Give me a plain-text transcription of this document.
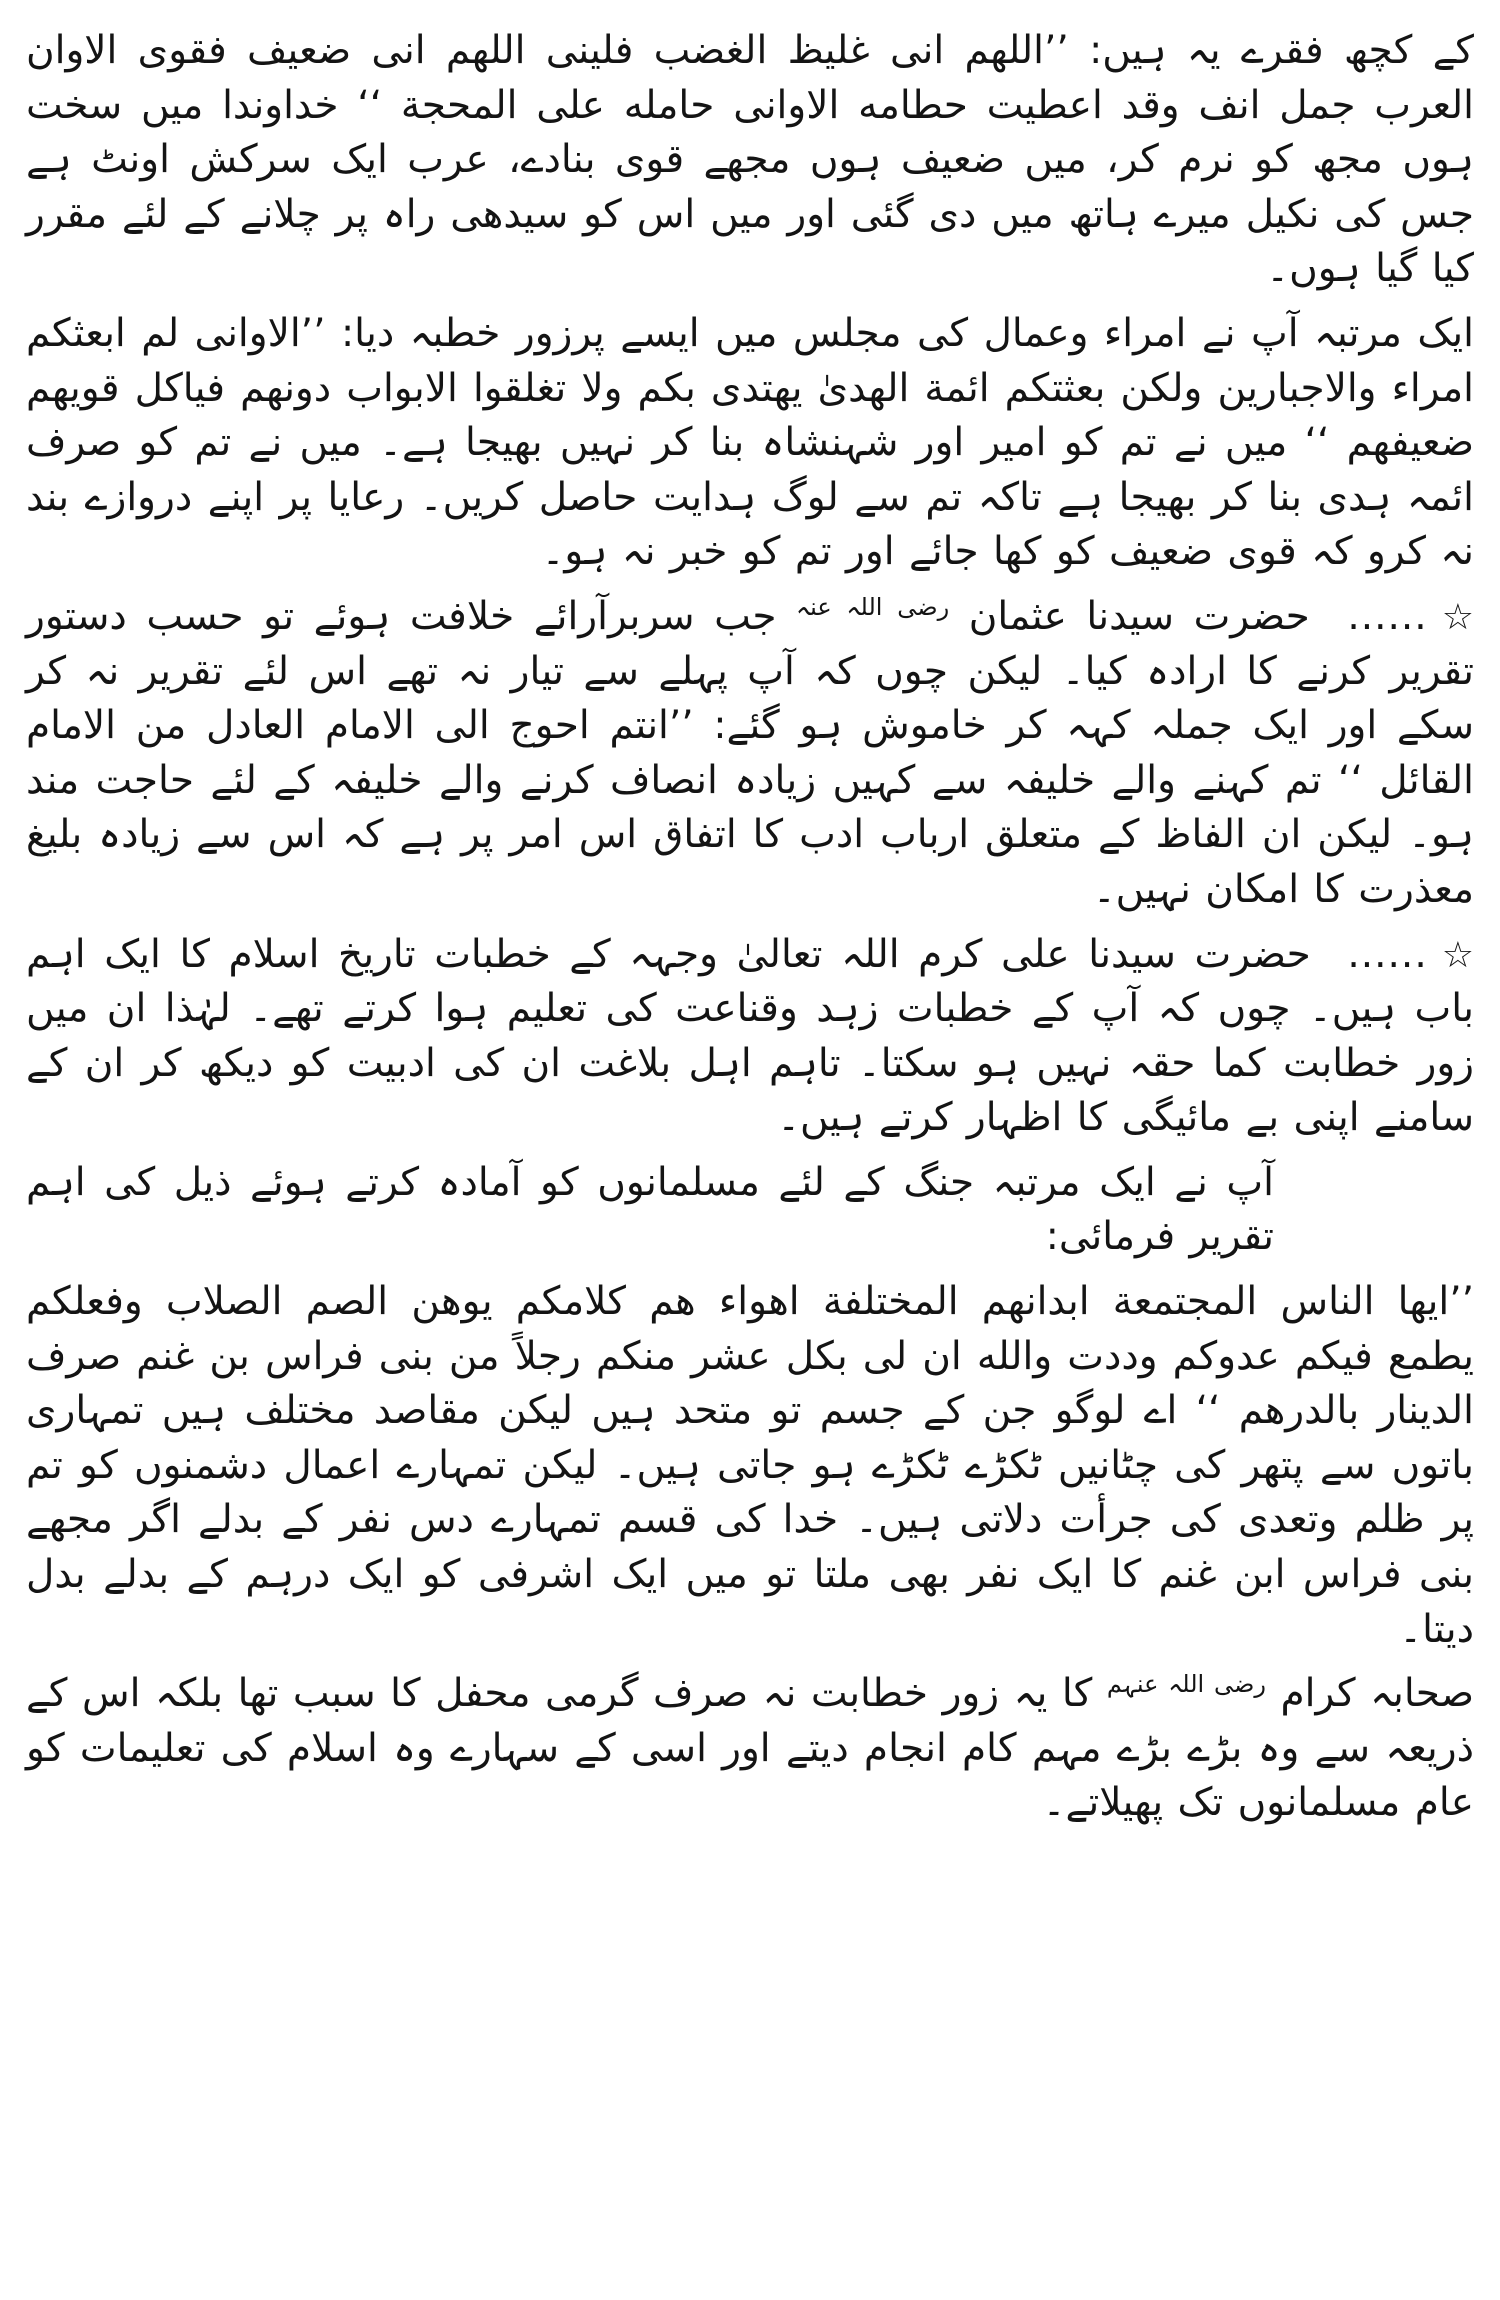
کے کچھ فقرے یہ ہیں: ’’اللھم انی غلیظ الغضب فلینی اللھم انی ضعیف فقوی الاوان العرب جمل انف وقد اعطیت حطامه الاوانی حامله علی المحجة ‘‘ خداوندا میں سخت ہوں مجھ کو نرم کر، میں ضعیف ہوں مجھے قوی بنادے، عرب ایک سرکش اونٹ ہے جس کی نکیل میرے ہاتھ میں دی گئی اور میں اس کو سیدھی راہ پر چلانے کے لئے مقرر کیا گیا ہوں۔

ایک مرتبہ آپ نے امراء وعمال کی مجلس میں ایسے پرزور خطبہ دیا: ’’الاوانی لم ابعثکم امراء والاجبارین ولکن بعثتکم ائمة الهدیٰ یهتدی بکم ولا تغلقوا الابواب دونهم فیاکل قویهم ضعیفهم ‘‘ میں نے تم کو امیر اور شہنشاہ بنا کر نہیں بھیجا ہے۔ میں نے تم کو صرف ائمہ ہدی بنا کر بھیجا ہے تاکہ تم سے لوگ ہدایت حاصل کریں۔ رعایا پر اپنے دروازے بند نہ کرو کہ قوی ضعیف کو کھا جائے اور تم کو خبر نہ ہو۔

☆...... حضرت سیدنا عثمان $^{رضی اللہ عنہ}$ جب سربرآرائے خلافت ہوئے تو حسب دستور تقریر کرنے کا ارادہ کیا۔ لیکن چوں کہ آپ پہلے سے تیار نہ تھے اس لئے تقریر نہ کر سکے اور ایک جملہ کہہ کر خاموش ہو گئے: ’’انتم احوج الی الامام العادل من الامام القائل ‘‘ تم کہنے والے خلیفہ سے کہیں زیادہ انصاف کرنے والے خلیفہ کے لئے حاجت مند ہو۔ لیکن ان الفاظ کے متعلق ارباب ادب کا اتفاق اس امر پر ہے کہ اس سے زیادہ بلیغ معذرت کا امکان نہیں۔

☆...... حضرت سیدنا علی کرم اللہ تعالیٰ وجہہ کے خطبات تاریخ اسلام کا ایک اہم باب ہیں۔ چوں کہ آپ کے خطبات زہد وقناعت کی تعلیم ہوا کرتے تھے۔ لہٰذا ان میں زور خطابت کما حقہ نہیں ہو سکتا۔ تاہم اہل بلاغت ان کی ادبیت کو دیکھ کر ان کے سامنے اپنی بے مائیگی کا اظہار کرتے ہیں۔

آپ نے ایک مرتبہ جنگ کے لئے مسلمانوں کو آمادہ کرتے ہوئے ذیل کی اہم تقریر فرمائی:

’’ایھا الناس المجتمعة ابدانهم المختلفة اهواء هم کلامکم یوهن الصم الصلاب وفعلکم یطمع فیکم عدوکم وددت والله ان لی بکل عشر منکم رجلاً من بنی فراس بن غنم صرف الدینار بالدرهم ‘‘ اے لوگو جن کے جسم تو متحد ہیں لیکن مقاصد مختلف ہیں تمہاری باتوں سے پتھر کی چٹانیں ٹکڑے ٹکڑے ہو جاتی ہیں۔ لیکن تمہارے اعمال دشمنوں کو تم پر ظلم وتعدی کی جرأت دلاتی ہیں۔ خدا کی قسم تمہارے دس نفر کے بدلے اگر مجھے بنی فراس ابن غنم کا ایک نفر بھی ملتا تو میں ایک اشرفی کو ایک درہم کے بدلے بدل دیتا۔

صحابہ کرام $^{رضی اللہ عنہم}$ کا یہ زور خطابت نہ صرف گرمی محفل کا سبب تھا بلکہ اس کے ذریعہ سے وہ بڑے بڑے مہم کام انجام دیتے اور اسی کے سہارے وہ اسلام کی تعلیمات کو عام مسلمانوں تک پھیلاتے۔
